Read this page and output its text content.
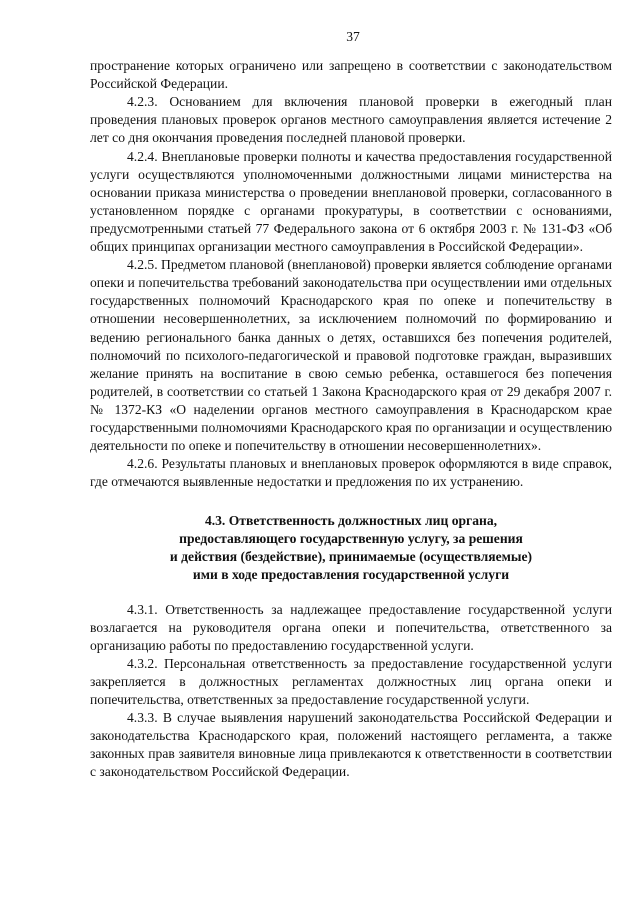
37

пространение которых ограничено или запрещено в соответствии с законодательством Российской Федерации.

4.2.3. Основанием для включения плановой проверки в ежегодный план проведения плановых проверок органов местного самоуправления является истечение 2 лет со дня окончания проведения последней плановой проверки.

4.2.4. Внеплановые проверки полноты и качества предоставления государственной услуги осуществляются уполномоченными должностными лицами министерства на основании приказа министерства о проведении внеплановой проверки, согласованного в установленном порядке с органами прокуратуры, в соответствии с основаниями, предусмотренными статьей 77 Федерального закона от 6 октября 2003 г. № 131-ФЗ «Об общих принципах организации местного самоуправления в Российской Федерации».

4.2.5. Предметом плановой (внеплановой) проверки является соблюдение органами опеки и попечительства требований законодательства при осуществлении ими отдельных государственных полномочий Краснодарского края по опеке и попечительству в отношении несовершеннолетних, за исключением полномочий по формированию и ведению регионального банка данных о детях, оставшихся без попечения родителей, полномочий по психолого-педагогической и правовой подготовке граждан, выразивших желание принять на воспитание в свою семью ребенка, оставшегося без попечения родителей, в соответствии со статьей 1 Закона Краснодарского края от 29 декабря 2007 г. № 1372-КЗ «О наделении органов местного самоуправления в Краснодарском крае государственными полномочиями Краснодарского края по организации и осуществлению деятельности по опеке и попечительству в отношении несовершеннолетних».

4.2.6. Результаты плановых и внеплановых проверок оформляются в виде справок, где отмечаются выявленные недостатки и предложения по их устранению.

4.3. Ответственность должностных лиц органа,
предоставляющего государственную услугу, за решения
и действия (бездействие), принимаемые (осуществляемые)
ими в ходе предоставления государственной услуги

4.3.1. Ответственность за надлежащее предоставление государственной услуги возлагается на руководителя органа опеки и попечительства, ответственного за организацию работы по предоставлению государственной услуги.

4.3.2. Персональная ответственность за предоставление государственной услуги закрепляется в должностных регламентах должностных лиц органа опеки и попечительства, ответственных за предоставление государственной услуги.

4.3.3. В случае выявления нарушений законодательства Российской Федерации и законодательства Краснодарского края, положений настоящего регламента, а также законных прав заявителя виновные лица привлекаются к ответственности в соответствии с законодательством Российской Федерации.
